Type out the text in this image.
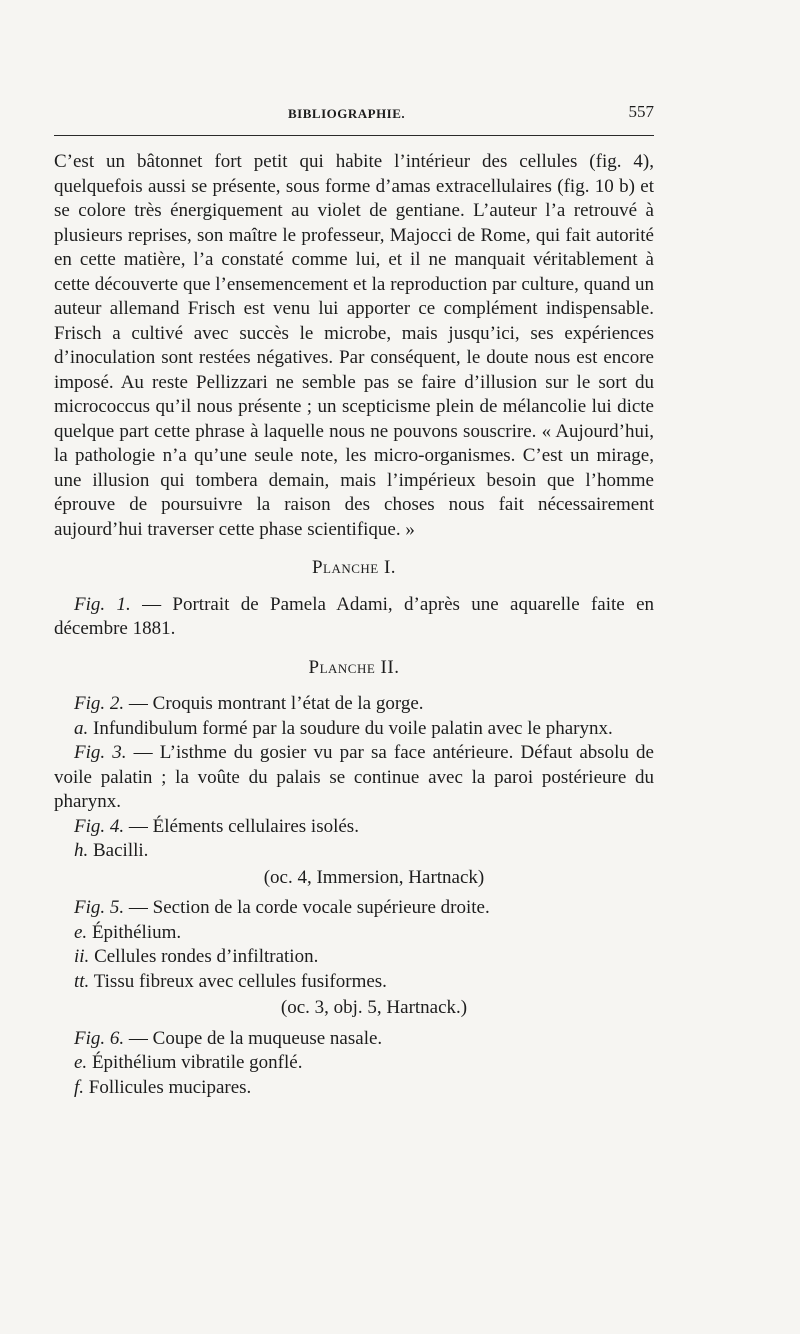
BIBLIOGRAPHIE.	557

C’est un bâtonnet fort petit qui habite l’intérieur des cellules (fig. 4), quelquefois aussi se présente, sous forme d’amas extracellulaires (fig. 10 b) et se colore très énergiquement au violet de gentiane. L’auteur l’a retrouvé à plusieurs reprises, son maître le professeur, Majocci de Rome, qui fait autorité en cette matière, l’a constaté comme lui, et il ne manquait véritablement à cette découverte que l’ensemencement et la reproduction par culture, quand un auteur allemand Frisch est venu lui apporter ce complément indispensable. Frisch a cultivé avec succès le microbe, mais jusqu’ici, ses expériences d’inoculation sont restées négatives. Par conséquent, le doute nous est encore imposé. Au reste Pellizzari ne semble pas se faire d’illusion sur le sort du micrococcus qu’il nous présente ; un scepticisme plein de mélancolie lui dicte quelque part cette phrase à laquelle nous ne pouvons souscrire. « Aujourd’hui, la pathologie n’a qu’une seule note, les micro-organismes. C’est un mirage, une illusion qui tombera demain, mais l’impérieux besoin que l’homme éprouve de poursuivre la raison des choses nous fait nécessairement aujourd’hui traverser cette phase scientifique. »

Planche I.

Fig. 1. — Portrait de Pamela Adami, d’après une aquarelle faite en décembre 1881.

Planche II.

Fig. 2. — Croquis montrant l’état de la gorge.

a. Infundibulum formé par la soudure du voile palatin avec le pharynx.

Fig. 3. — L’isthme du gosier vu par sa face antérieure. Défaut absolu de voile palatin ; la voûte du palais se continue avec la paroi postérieure du pharynx.

Fig. 4. — Éléments cellulaires isolés.

h. Bacilli.

(oc. 4, Immersion, Hartnack)

Fig. 5. — Section de la corde vocale supérieure droite.

e. Épithélium.

ii. Cellules rondes d’infiltration.

tt. Tissu fibreux avec cellules fusiformes.

(oc. 3, obj. 5, Hartnack.)

Fig. 6. — Coupe de la muqueuse nasale.

e. Épithélium vibratile gonflé.

f. Follicules mucipares.
